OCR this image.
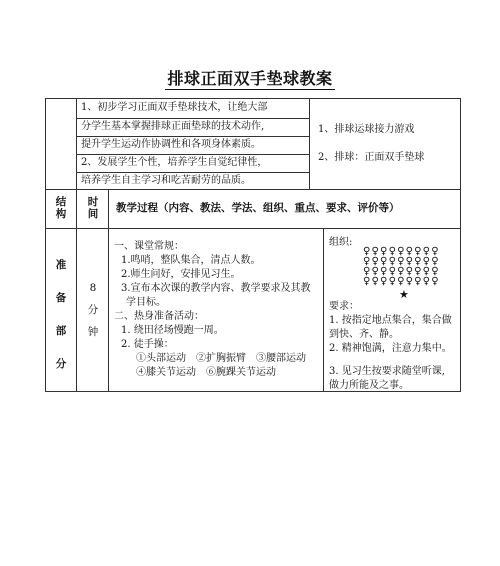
排球正面双手垫球教案
1、初步学习正面双手垫球技术，让绝大部
分学生基本掌握排球正面垫球的技术动作,
提升学生运动作协调性和各项身体素质。
2、发展学生个性，培养学生自觉纪律性，
培养学生自主学习和吃苦耐劳的品质。
1、排球运球接力游戏
2、排球：正面双手垫球
结构
时间 教学过程（内容、教法、学法、组织、重点、要求、评价等）
准备部分
8分钟
一、课堂常规：
1.鸣哨，整队集合，清点人数。
2.师生问好，安排见习生。
3.宣布本次课的教学内容、教学要求及其教
学目标。
二、热身准备活动：
1. 绕田径场慢跑一周。
2. 徒手操：
①头部运动　②扩胸振臂　③腰部运动
④膝关节运动　⑥腕踝关节运动
组织:
♀♀♀♀♀♀♀♀♀
♀♀♀♀♀♀♀♀♀
♀♀♀♀♀♀♀♀♀
♀♀♀♀♀♀♀♀♀
★
要求：
1. 按指定地点集合，集合做
到快、齐、静。
2. 精神饱满，注意力集中。
3. 见习生按要求随堂听课,
做力所能及之事。
